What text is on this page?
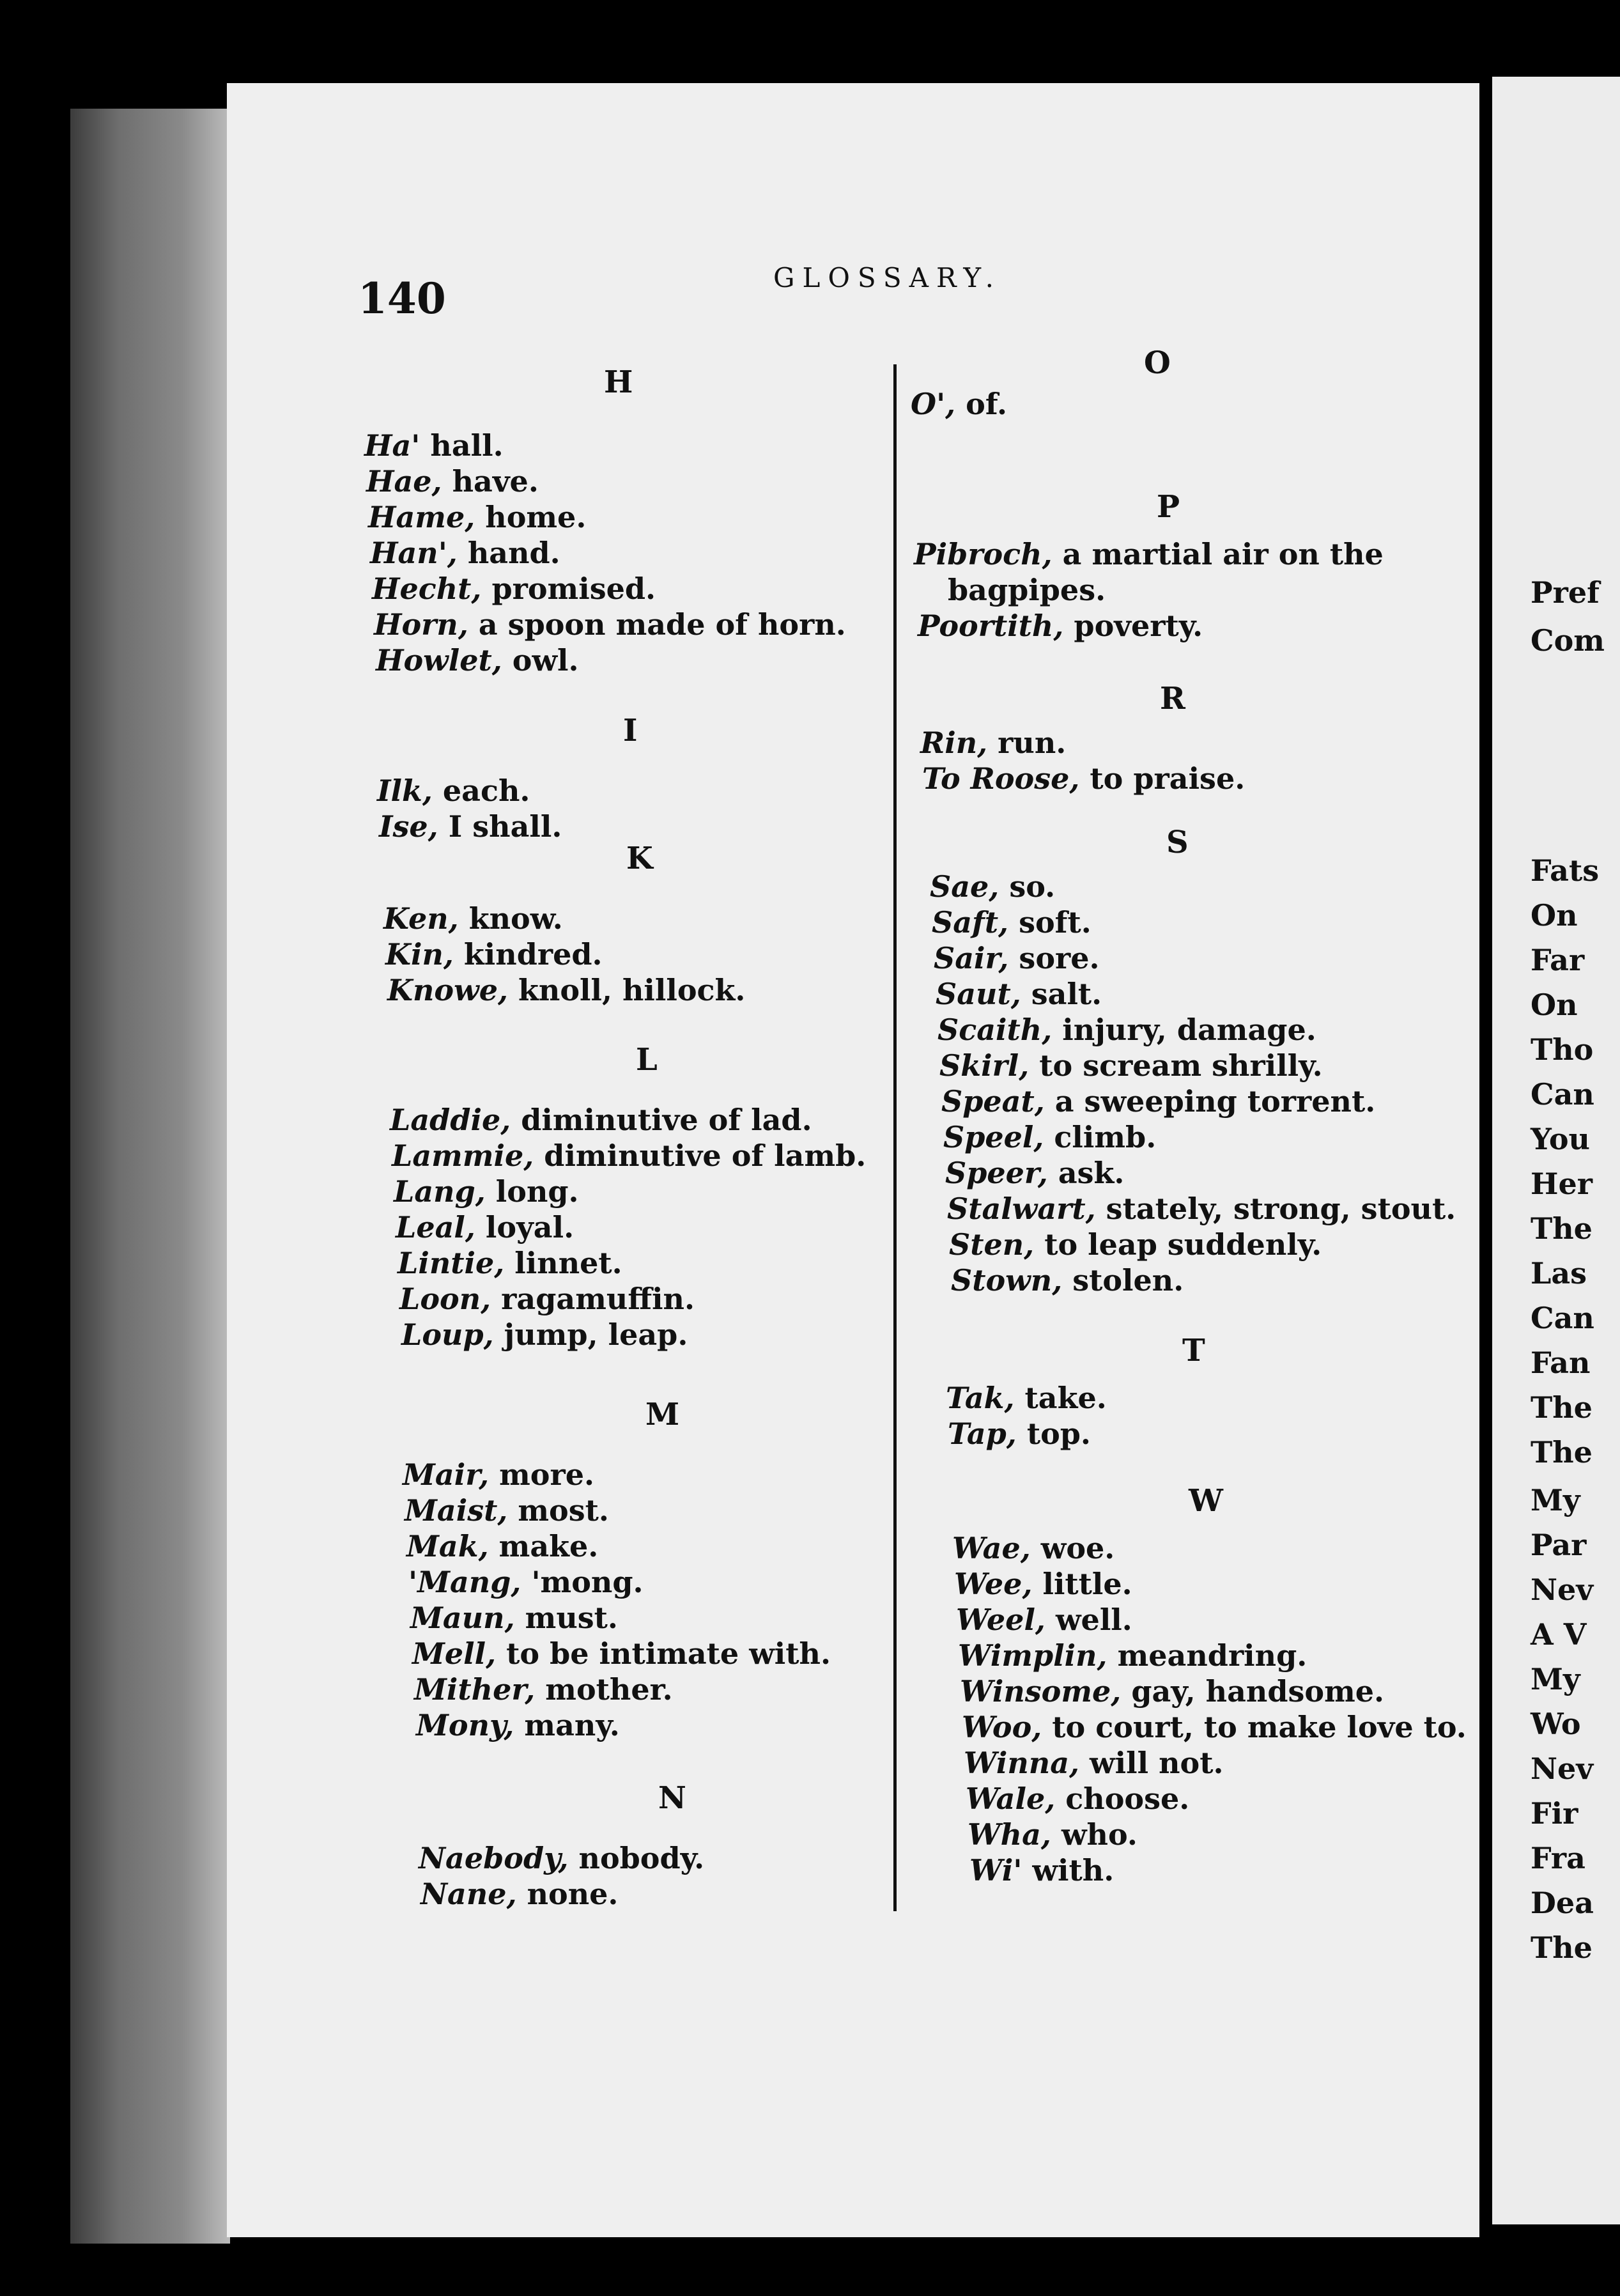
140	GLOSSARY.
H
Ha' hall.
Hae, have.
Hame, home.
Han', hand.
Hecht, promised.
Horn, a spoon made of horn.
Howlet, owl.
I
Ilk, each.
Ise, I shall.
K
Ken, know.
Kin, kindred.
Knowe, knoll, hillock.
L
Laddie, diminutive of lad.
Lammie, diminutive of lamb.
Lang, long.
Leal, loyal.
Lintie, linnet.
Loon, ragamuffin.
Loup, jump, leap.
M
Mair, more.
Maist, most.
Mak, make.
'Mang, 'mong.
Maun, must.
Mell, to be intimate with.
Mither, mother.
Mony, many.
N
Naebody, nobody.
Nane, none.
O
O', of.
P
Pibroch, a martial air on the
bagpipes.
Poortith, poverty.
R
Rin, run.
To Roose, to praise.
S
Sae, so.
Saft, soft.
Sair, sore.
Saut, salt.
Scaith, injury, damage.
Skirl, to scream shrilly.
Speat, a sweeping torrent.
Speel, climb.
Speer, ask.
Stalwart, stately, strong, stout.
Sten, to leap suddenly.
Stown, stolen.
T
Tak, take.
Tap, top.
W
Wae, woe.
Wee, little.
Weel, well.
Wimplin, meandring.
Winsome, gay, handsome.
Woo, to court, to make love to.
Winna, will not.
Wale, choose.
Wha, who.
Wi' with.
Pref
Com
Fats
On
Far
On
Tho
Can
You
Her
The
Las
Can
Fan
The
The
My
Par
Nev
A V
My
Wo
Nev
Fir
Fra
Dea
The
